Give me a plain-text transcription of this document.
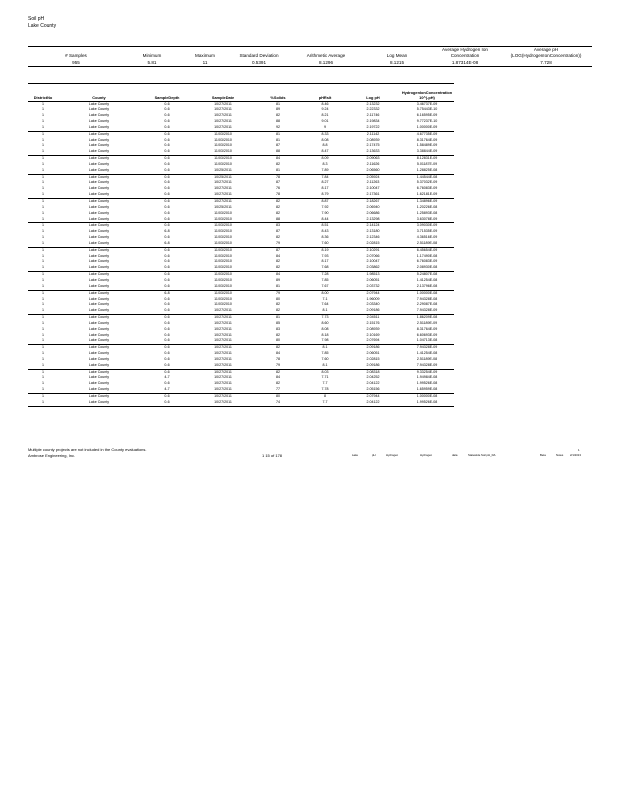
Soil pH
Lake County
# Samples	Minimum	Maximum	Standard Deviation	Arithmetic Average	Log Mean	Average Hydrogen Ion Concentration	Average pH (LOG(HydrogenIonConcentration))
955	5.81	11	0.5391	8.1296	8.1215	1.87314E-08	7.728
DistrictNo	County	SampleDepth	SampleDate	%Solids	pHRslt	Log pH	HydrogenIonConcentration 10^(-pH)
1	Lake County	0-6	10/27/2011	81	8.46	2.13232	3.46737E-09
1	Lake County	0-6	10/27/2011	89	9.24	2.22332	5.75443E-10
1	Lake County	0-6	10/27/2011	82	8.21	2.11746	6.16595E-09
1	Lake County	0-6	10/27/2011	88	9.01	2.19834	9.77237E-10
1	Lake County	0-6	10/27/2011	92	9	2.19722	1.00000E-09
1	Lake County	0-6	11/03/2010	81	8.33	2.11142	4.67735E-09
1	Lake County	0-6	11/03/2010	81	8.08	2.08939	8.31764E-09
1	Lake County	0-6	11/03/2010	87	8.8	2.17475	1.58489E-09
1	Lake County	0-6	11/03/2010	88	8.47	2.13633	3.38844E-09
1	Lake County	0-6	11/03/2010	84	8.09	2.09063	8.12831E-09
1	Lake County	0-6	11/03/2010	82	8.3	2.11626	5.01187E-09
1	Lake County	0-6	10/25/2011	81	7.89	2.06560	1.28825E-08
1	Lake County	0-6	10/25/2011	78	7.84	2.05924	1.44544E-08
1	Lake County	0-6	10/27/2011	87	8.27	2.11263	5.37032E-09
1	Lake County	0-6	10/27/2011	76	8.17	2.10047	6.76083E-09
1	Lake County	0-6	10/27/2011	78	8.79	2.17361	1.62181E-09
1	Lake County	0-6	10/27/2011	82	8.87	2.18267	1.34896E-09
1	Lake County	0-6	10/25/2011	82	7.92	2.06940	1.20226E-08
1	Lake County	0-6	11/03/2010	82	7.90	2.06686	1.25893E-08
1	Lake County	0-6	11/03/2010	88	8.44	2.13298	3.63078E-09
1	Lake County	0-6	11/03/2010	83	8.51	2.14124	3.09030E-09
1	Lake County	6-8	11/03/2010	87	8.43	2.13180	3.71535E-09
1	Lake County	0-6	11/03/2010	82	8.36	2.12346	4.36516E-09
1	Lake County	6-8	11/03/2010	79	7.60	2.02815	2.51189E-08
1	Lake County	0-6	11/03/2010	87	8.19	2.10291	6.45654E-09
1	Lake County	0-6	11/03/2010	84	7.93	2.07066	1.17490E-08
1	Lake County	0-6	11/03/2010	82	8.17	2.10047	6.76083E-09
1	Lake County	0-6	11/03/2010	82	7.68	2.03862	2.08930E-08
1	Lake County	0-6	11/03/2010	84	7.28	1.98513	5.24807E-08
1	Lake County	0-6	11/03/2010	89	7.85	2.06051	1.41254E-08
1	Lake County	0-6	11/03/2010	81	7.67	2.03732	2.13796E-08
1	Lake County	6-8	11/03/2010	79	8.00	2.07944	1.00000E-08
1	Lake County	0-6	11/03/2010	80	7.1	1.96009	7.94328E-08
1	Lake County	0-6	11/03/2010	82	7.64	2.03340	2.29087E-08
1	Lake County	0-6	10/27/2011	82	8.1	2.09186	7.94328E-09
1	Lake County	0-6	10/27/2011	81	7.73	2.04511	1.86209E-08
1	Lake County	0-6	10/27/2011	85	8.60	2.15176	2.51189E-09
1	Lake County	0-6	10/27/2011	83	8.08	2.08939	8.31764E-09
1	Lake County	0-6	10/27/2011	82	8.18	2.10169	6.60693E-09
1	Lake County	0-6	10/27/2011	80	7.98	2.07694	1.04713E-08
1	Lake County	0-6	10/27/2011	82	8.1	2.09186	7.94328E-09
1	Lake County	0-6	10/27/2011	84	7.85	2.06051	1.41254E-08
1	Lake County	0-6	10/27/2011	78	7.60	2.02815	2.51189E-08
1	Lake County	0-6	10/27/2011	79	8.1	2.09186	7.94328E-09
1	Lake County	0-6	10/27/2011	82	8.03	2.08318	9.33254E-09
1	Lake County	4-7	10/27/2011	84	7.71	2.04252	1.94984E-08
1	Lake County	0-6	10/27/2011	82	7.7	2.04122	1.99526E-08
1	Lake County	4-7	10/27/2011	77	7.78	2.05156	1.65959E-08
1	Lake County	0-6	10/27/2011	80	8	2.07944	1.00000E-08
1	Lake County	0-6	10/27/2011	74	7.7	2.04122	1.99526E-08
Multiple county projects are not included in the County evaluations.
Ambrose Engineering, Inc.	1 15 of 178	Lake	pH	Hydrogen	Hydrogen	data	Statewide Soil pH_DA	Beta	Notes 2/1/2013
1
